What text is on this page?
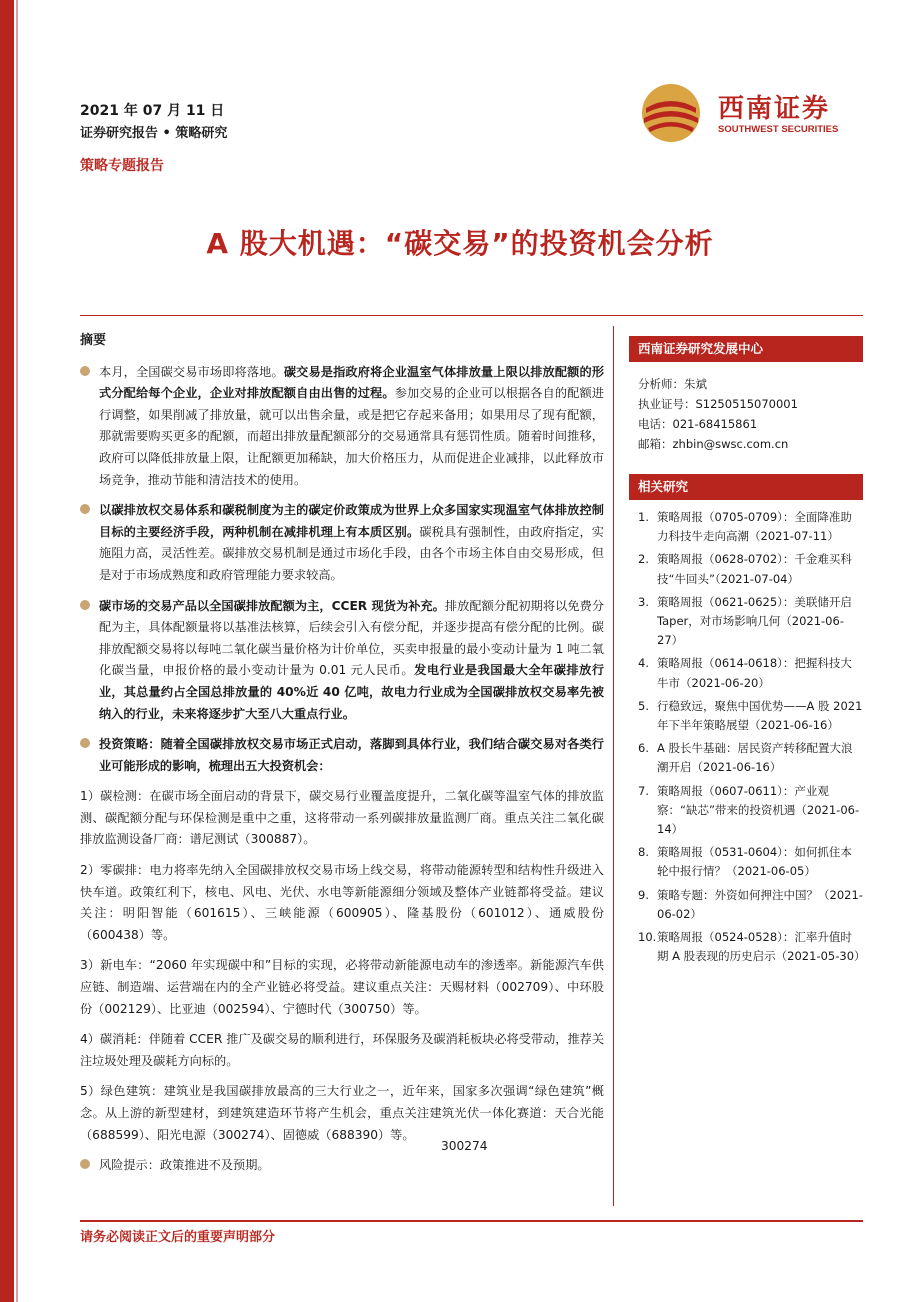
2021 年 07 月 11 日
证券研究报告 • 策略研究
策略专题报告
西南证券
SOUTHWEST SECURITIES
A 股大机遇：“碳交易”的投资机会分析
摘要
本月，全国碳交易市场即将落地。碳交易是指政府将企业温室气体排放量上限以排放配额的形式分配给每个企业，企业对排放配额自由出售的过程。参加交易的企业可以根据各自的配额进行调整，如果削减了排放量，就可以出售余量，或是把它存起来备用；如果用尽了现有配额，那就需要购买更多的配额，而超出排放量配额部分的交易通常具有惩罚性质。随着时间推移，政府可以降低排放量上限，让配额更加稀缺，加大价格压力，从而促进企业减排，以此释放市场竞争，推动节能和清洁技术的使用。
以碳排放权交易体系和碳税制度为主的碳定价政策成为世界上众多国家实现温室气体排放控制目标的主要经济手段，两种机制在减排机理上有本质区别。碳税具有强制性，由政府指定，实施阻力高，灵活性差。碳排放交易机制是通过市场化手段，由各个市场主体自由交易形成，但是对于市场成熟度和政府管理能力要求较高。
碳市场的交易产品以全国碳排放配额为主，CCER 现货为补充。排放配额分配初期将以免费分配为主，具体配额量将以基准法核算，后续会引入有偿分配，并逐步提高有偿分配的比例。碳排放配额交易将以每吨二氧化碳当量价格为计价单位，买卖申报量的最小变动计量为 1 吨二氧化碳当量，申报价格的最小变动计量为 0.01 元人民币。发电行业是我国最大全年碳排放行业，其总量约占全国总排放量的 40%近 40 亿吨，故电力行业成为全国碳排放权交易率先被纳入的行业，未来将逐步扩大至八大重点行业。
投资策略：随着全国碳排放权交易市场正式启动，落脚到具体行业，我们结合碳交易对各类行业可能形成的影响，梳理出五大投资机会：
1）碳检测：在碳市场全面启动的背景下，碳交易行业覆盖度提升，二氧化碳等温室气体的排放监测、碳配额分配与环保检测是重中之重，这将带动一系列碳排放量监测厂商。重点关注二氧化碳排放监测设备厂商：谱尼测试（300887）。
2）零碳排：电力将率先纳入全国碳排放权交易市场上线交易，将带动能源转型和结构性升级进入快车道。政策红利下，核电、风电、光伏、水电等新能源细分领域及整体产业链都将受益。建议关注：明阳智能（601615）、三峡能源（600905）、隆基股份（601012）、通威股份（600438）等。
3）新电车：“2060 年实现碳中和”目标的实现，必将带动新能源电动车的渗透率。新能源汽车供应链、制造端、运营端在内的全产业链必将受益。建议重点关注：天赐材料（002709）、中环股份（002129）、比亚迪（002594）、宁德时代（300750）等。
4）碳消耗：伴随着 CCER 推广及碳交易的顺利进行，环保服务及碳消耗板块必将受带动，推荐关注垃圾处理及碳耗方向标的。
5）绿色建筑：建筑业是我国碳排放最高的三大行业之一，近年来，国家多次强调“绿色建筑”概念。从上游的新型建材，到建筑建造环节将产生机会，重点关注建筑光伏一体化赛道：天合光能（688599）、阳光电源（300274）、固德威（688390）等。
风险提示：政策推进不及预期。
300274
西南证券研究发展中心
分析师：朱斌
执业证号：S1250515070001
电话：021-68415861
邮箱：zhbin@swsc.com.cn
相关研究
1. 策略周报（0705-0709）：全面降准助力科技牛走向高潮（2021-07-11）
2. 策略周报（0628-0702）：千金难买科技“牛回头”（2021-07-04）
3. 策略周报（0621-0625）：美联储开启 Taper，对市场影响几何（2021-06-27）
4. 策略周报（0614-0618）：把握科技大牛市（2021-06-20）
5. 行稳致远，聚焦中国优势——A 股 2021 年下半年策略展望（2021-06-16）
6. A 股长牛基础：居民资产转移配置大浪潮开启（2021-06-16）
7. 策略周报（0607-0611）：产业观察：“缺芯”带来的投资机遇（2021-06-14）
8. 策略周报（0531-0604）：如何抓住本轮中报行情？（2021-06-05）
9. 策略专题：外资如何押注中国？（2021-06-02）
10. 策略周报（0524-0528）：汇率升值时期 A 股表现的历史启示（2021-05-30）
请务必阅读正文后的重要声明部分
